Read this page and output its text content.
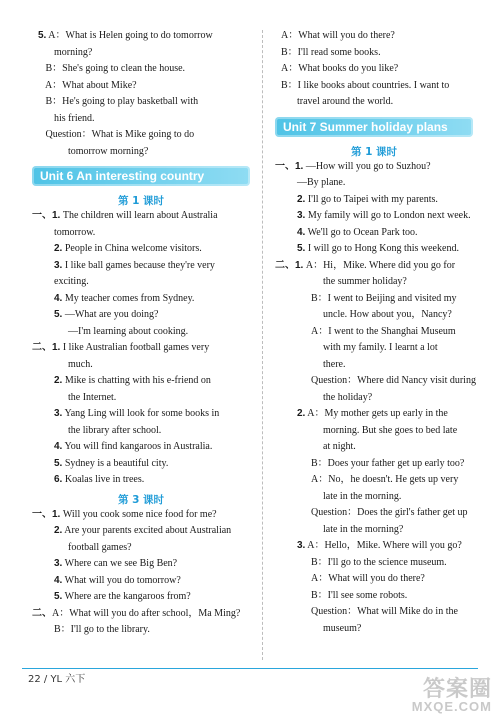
5. A：What is Helen going to do tomorrow
morning?
B：She's going to clean the house.
A：What about Mike?
B：He's going to play basketball with
his friend.
Question：What is Mike going to do
tomorrow morning?
Unit 6 An interesting country
第 1 课时
一、1. The children will learn about Australia
tomorrow.
2. People in China welcome visitors.
3. I like ball games because they're very
exciting.
4. My teacher comes from Sydney.
5. —What are you doing?
—I'm learning about cooking.
二、1. I like Australian football games very
much.
2. Mike is chatting with his e-friend on
the Internet.
3. Yang Ling will look for some books in
the library after school.
4. You will find kangaroos in Australia.
5. Sydney is a beautiful city.
6. Koalas live in trees.
第 3 课时
一、1. Will you cook some nice food for me?
2. Are your parents excited about Australian
football games?
3. Where can we see Big Ben?
4. What will you do tomorrow?
5. Where are the kangaroos from?
二、A：What will you do after school，Ma Ming?
B：I'll go to the library.
A：What will you do there?
B：I'll read some books.
A：What books do you like?
B：I like books about countries. I want to
travel around the world.
Unit 7 Summer holiday plans
第 1 课时
一、1. —How will you go to Suzhou?
—By plane.
2. I'll go to Taipei with my parents.
3. My family will go to London next week.
4. We'll go to Ocean Park too.
5. I will go to Hong Kong this weekend.
二、1. A：Hi，Mike. Where did you go for
the summer holiday?
B：I went to Beijing and visited my
uncle. How about you，Nancy?
A：I went to the Shanghai Museum
with my family. I learnt a lot
there.
Question：Where did Nancy visit during
the holiday?
2. A：My mother gets up early in the
morning. But she goes to bed late
at night.
B：Does your father get up early too?
A：No，he doesn't. He gets up very
late in the morning.
Question：Does the girl's father get up
late in the morning?
3. A：Hello，Mike. Where will you go?
B：I'll go to the science museum.
A：What will you do there?
B：I'll see some robots.
Question：What will Mike do in the
museum?
22 / YL 六下	答案圈
MXQE.COM
